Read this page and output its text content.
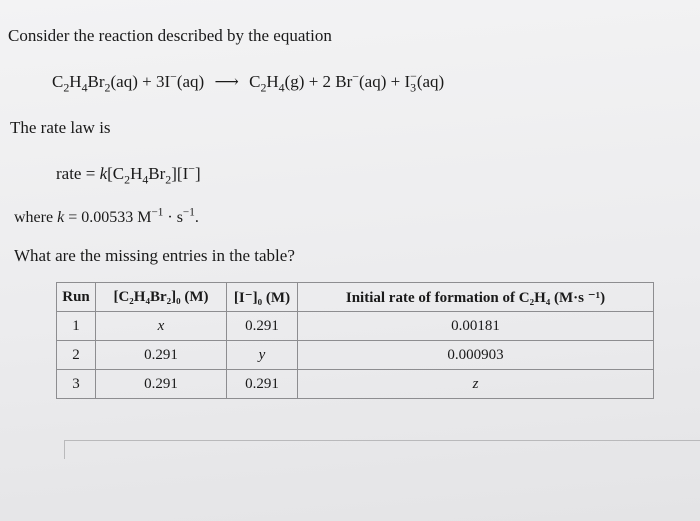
Consider the reaction described by the equation
$C_2H_4Br_2(aq) + 3I^-(aq)$ ⟶ $C_2H_4(g) + 2$ $Br^-(aq) + I_3^-(aq)$
The rate law is
rate = $k[C_2H_4Br_2][I^-]$
where k = 0.00533 $M^{-1} \cdot s^{-1}$.
What are the missing entries in the table?
Run	[C₂H₄Br₂]₀ (M)	[I⁻]₀ (M)	Initial rate of formation of C₂H₄ (M·s ⁻¹)
1	x	0.291	0.00181
2	0.291	y	0.000903
3	0.291	0.291	z
